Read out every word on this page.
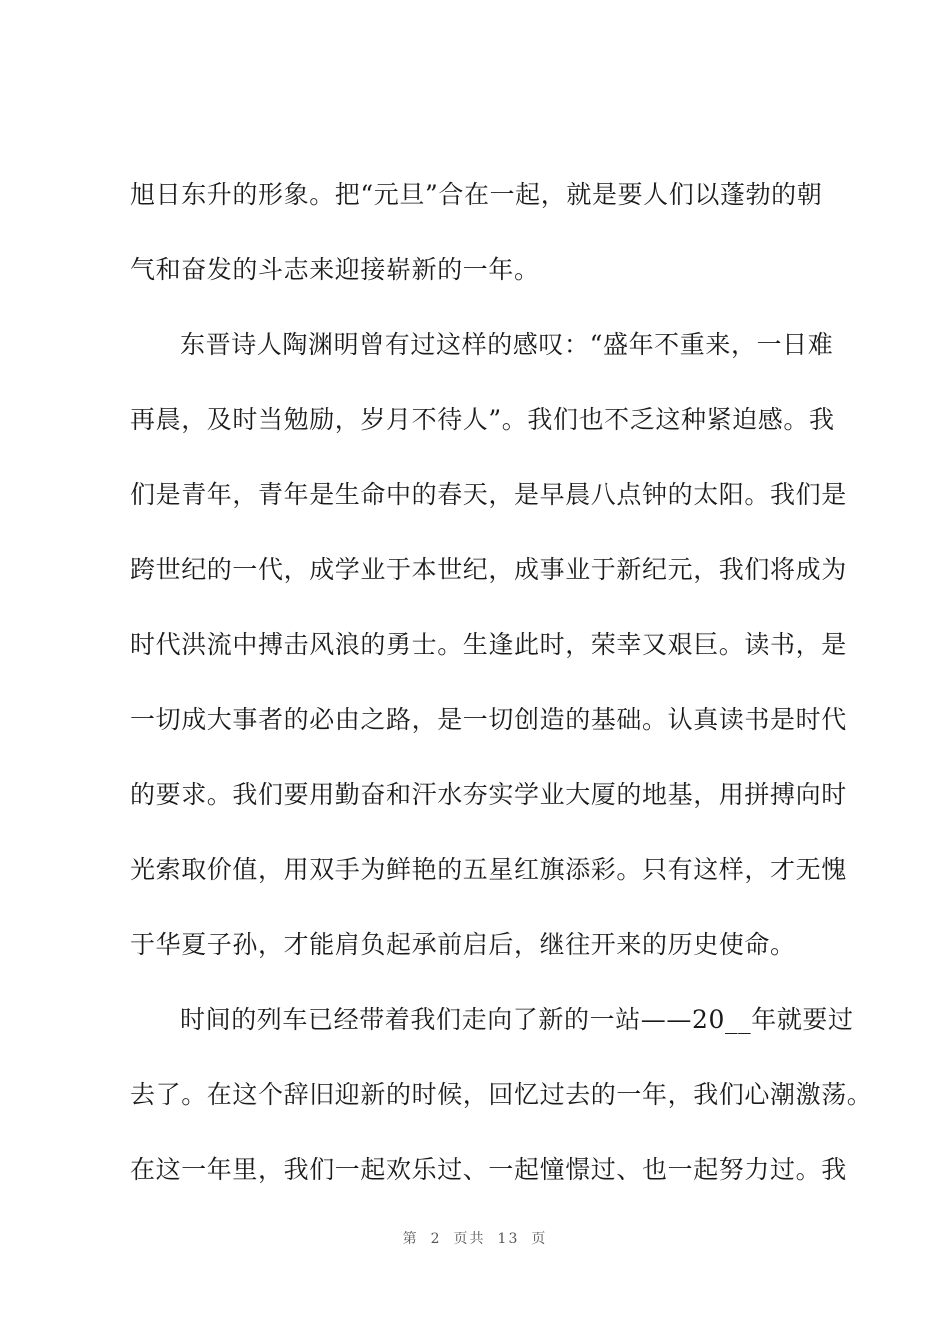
旭日东升的形象。把“元旦”合在一起，就是要人们以蓬勃的朝
气和奋发的斗志来迎接崭新的一年。
东晋诗人陶渊明曾有过这样的感叹：“盛年不重来，一日难
再晨，及时当勉励，岁月不待人”。我们也不乏这种紧迫感。我
们是青年，青年是生命中的春天，是早晨八点钟的太阳。我们是
跨世纪的一代，成学业于本世纪，成事业于新纪元，我们将成为
时代洪流中搏击风浪的勇士。生逢此时，荣幸又艰巨。读书，是
一切成大事者的必由之路，是一切创造的基础。认真读书是时代
的要求。我们要用勤奋和汗水夯实学业大厦的地基，用拼搏向时
光索取价值，用双手为鲜艳的五星红旗添彩。只有这样，才无愧
于华夏子孙，才能肩负起承前启后，继往开来的历史使命。
时间的列车已经带着我们走向了新的一站——20__年就要过
去了。在这个辞旧迎新的时候，回忆过去的一年，我们心潮激荡。
在这一年里，我们一起欢乐过、一起憧憬过、也一起努力过。我
第 2 页共 13 页
